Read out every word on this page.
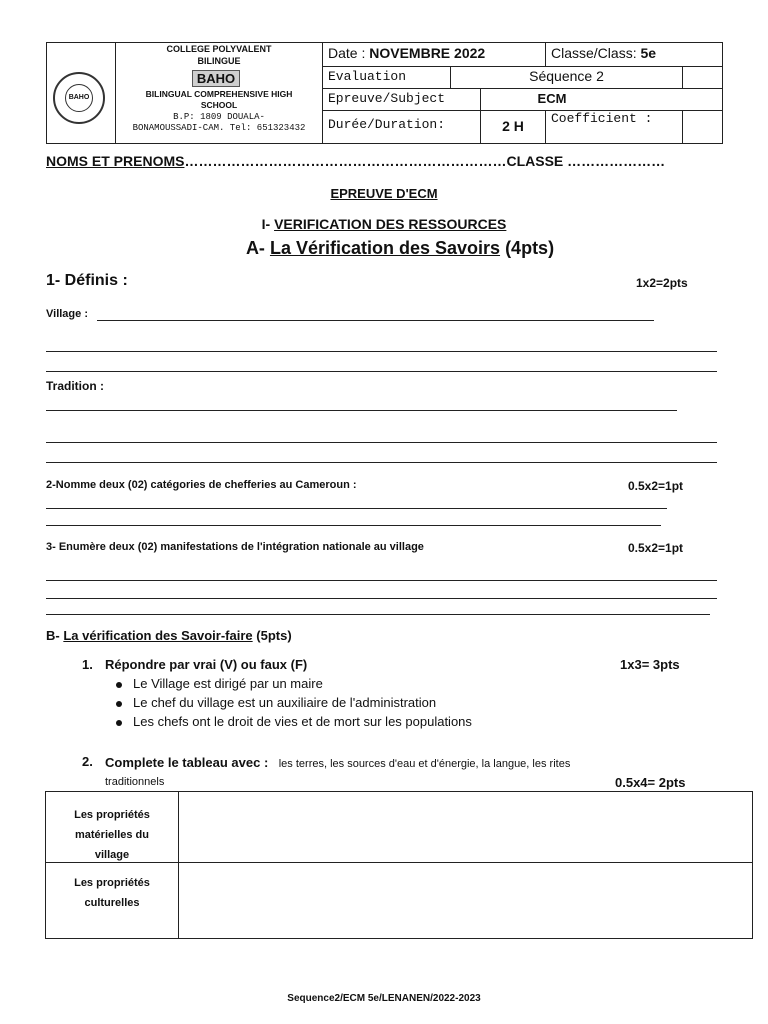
BAHO
COLLEGE POLYVALENT
BILINGUE
BAHO
BILINGUAL COMPREHENSIVE HIGH
SCHOOL
B.P: 1809 DOUALA-
BONAMOUSSADI-CAM. Tel: 651323432
Date : NOVEMBRE 2022	Classe/Class: 5e
Evaluation	Séquence 2
Epreuve/Subject	ECM
Durée/Duration:	2 H	Coefficient :
NOMS ET PRENOMS……………………………………………………………CLASSE …………………
EPREUVE D'ECM
I- VERIFICATION DES RESSOURCES
A- La Vérification des Savoirs (4pts)
1- Définis :	1x2=2pts
Village :
Tradition :
2-Nomme deux (02) catégories de chefferies au Cameroun :	0.5x2=1pt
3- Enumère deux (02) manifestations de l'intégration nationale au village	0.5x2=1pt
B- La vérification des Savoir-faire (5pts)
1. Répondre par vrai (V) ou faux (F)	1x3= 3pts
Le Village est dirigé par un maire
Le chef du village est un auxiliaire de l'administration
Les chefs ont le droit de vies et de mort sur les populations
2. Complete le tableau avec : les terres, les sources d'eau et d'énergie, la langue, les rites
traditionnels	0.5x4= 2pts
Les propriétés
matérielles du
village
Les propriétés
culturelles
Sequence2/ECM 5e/LENANEN/2022-2023
